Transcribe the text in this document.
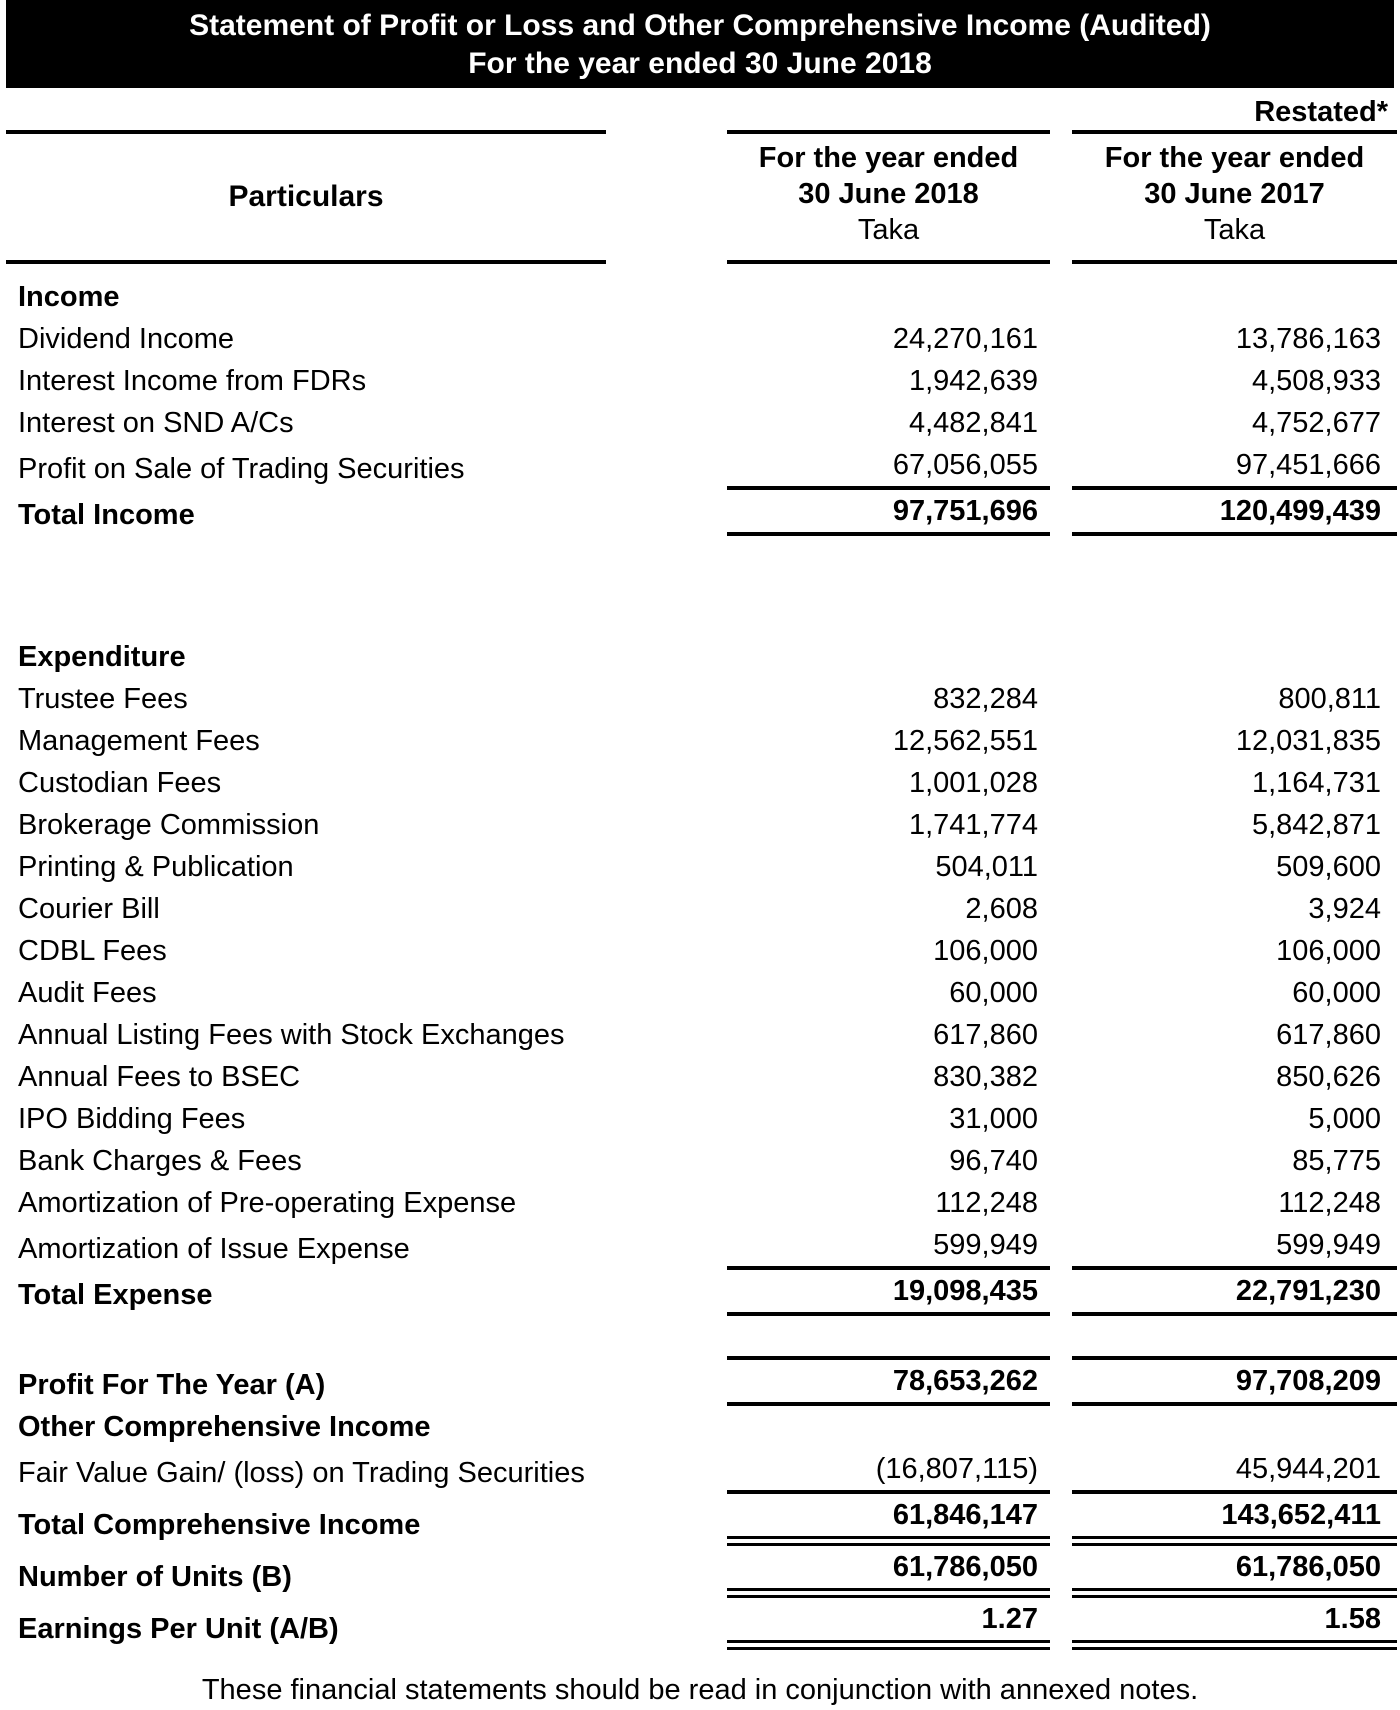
Statement of Profit or Loss and Other Comprehensive Income (Audited)
For the year ended 30 June 2018
Restated*
Particulars
For the year ended
30 June 2018
Taka
For the year ended
30 June 2017
Taka
Income
Dividend Income	24,270,161	13,786,163
Interest Income from FDRs	1,942,639	4,508,933
Interest on SND A/Cs	4,482,841	4,752,677
Profit on Sale of Trading Securities	67,056,055	97,451,666
Total Income	97,751,696	120,499,439
Expenditure
Trustee Fees	832,284	800,811
Management Fees	12,562,551	12,031,835
Custodian Fees	1,001,028	1,164,731
Brokerage Commission	1,741,774	5,842,871
Printing & Publication	504,011	509,600
Courier Bill	2,608	3,924
CDBL Fees	106,000	106,000
Audit Fees	60,000	60,000
Annual Listing Fees with Stock Exchanges	617,860	617,860
Annual Fees to BSEC	830,382	850,626
IPO Bidding Fees	31,000	5,000
Bank Charges & Fees	96,740	85,775
Amortization of Pre-operating Expense	112,248	112,248
Amortization of Issue Expense	599,949	599,949
Total Expense	19,098,435	22,791,230
Profit For The Year (A)	78,653,262	97,708,209
Other Comprehensive Income
Fair Value Gain/ (loss) on Trading Securities	(16,807,115)	45,944,201
Total Comprehensive Income	61,846,147	143,652,411
Number of Units (B)	61,786,050	61,786,050
Earnings Per Unit (A/B)	1.27	1.58
These financial statements should be read in conjunction with annexed notes.
